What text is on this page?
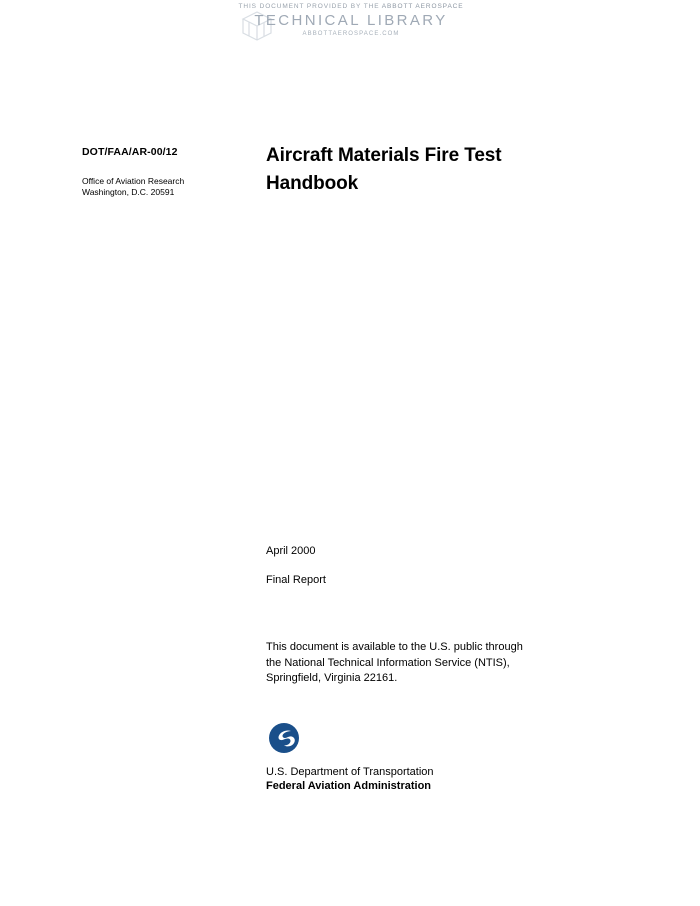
THIS DOCUMENT PROVIDED BY THE ABBOTT AEROSPACE
TECHNICAL LIBRARY
ABBOTTAEROSPACE.COM
DOT/FAA/AR-00/12
Office of Aviation Research
Washington, D.C. 20591
Aircraft Materials Fire Test Handbook
April 2000
Final Report
This document is available to the U.S. public through the National Technical Information Service (NTIS), Springfield, Virginia 22161.
U.S. Department of Transportation
Federal Aviation Administration
